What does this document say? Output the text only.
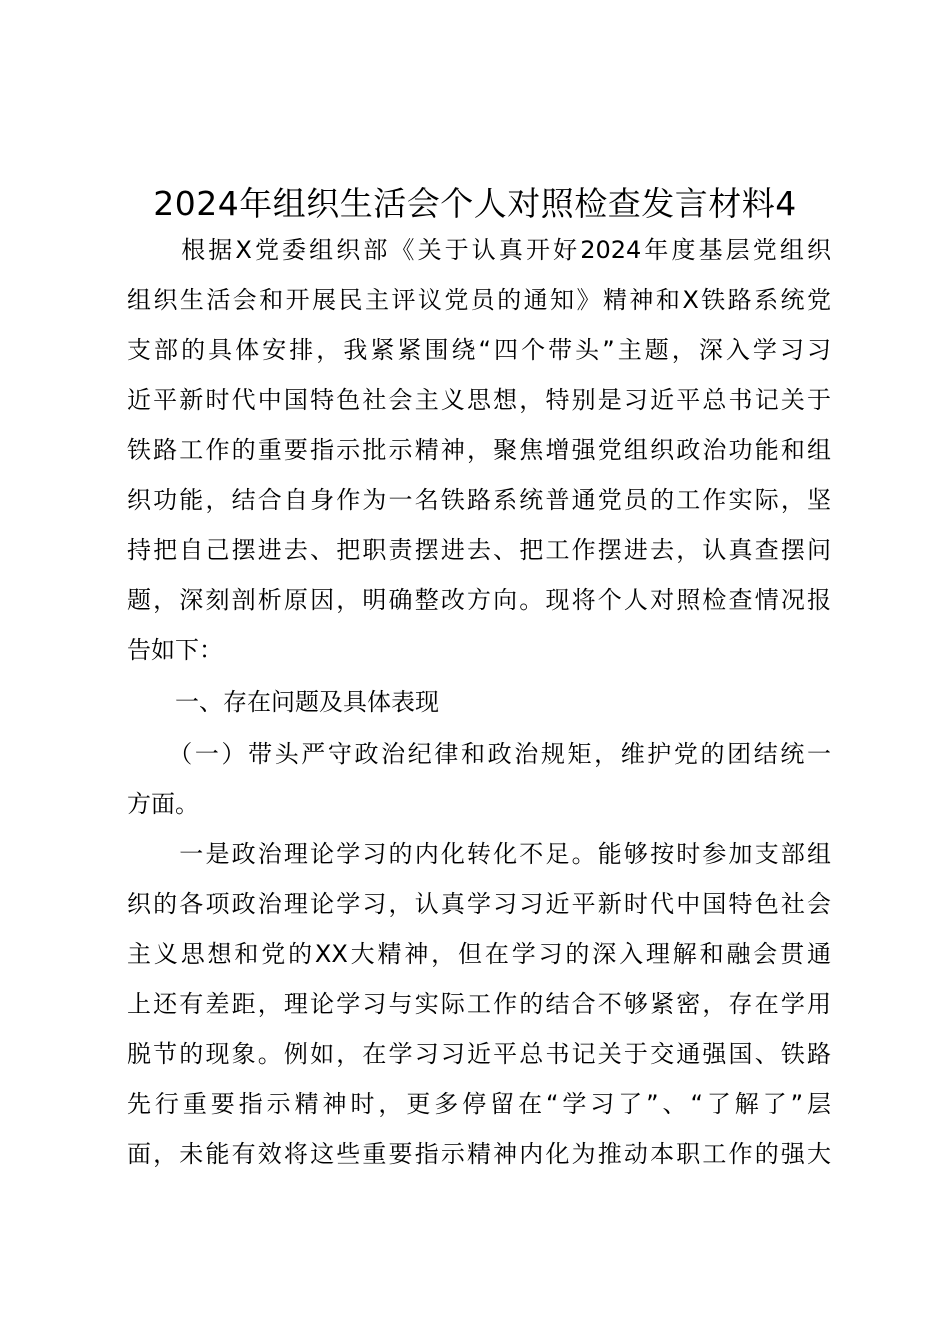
2024年组织生活会个人对照检查发言材料4
　　根据X党委组织部《关于认真开好2024年度基层党组织
组织生活会和开展民主评议党员的通知》精神和X铁路系统党
支部的具体安排，我紧紧围绕“四个带头”主题，深入学习习
近平新时代中国特色社会主义思想，特别是习近平总书记关于
铁路工作的重要指示批示精神，聚焦增强党组织政治功能和组
织功能，结合自身作为一名铁路系统普通党员的工作实际，坚
持把自己摆进去、把职责摆进去、把工作摆进去，认真查摆问
题，深刻剖析原因，明确整改方向。现将个人对照检查情况报
告如下：
　　一、存在问题及具体表现
　　（一）带头严守政治纪律和政治规矩，维护党的团结统一
方面。
　　一是政治理论学习的内化转化不足。能够按时参加支部组
织的各项政治理论学习，认真学习习近平新时代中国特色社会
主义思想和党的XX大精神，但在学习的深入理解和融会贯通
上还有差距，理论学习与实际工作的结合不够紧密，存在学用
脱节的现象。例如，在学习习近平总书记关于交通强国、铁路
先行重要指示精神时，更多停留在“学习了”、“了解了”层
面，未能有效将这些重要指示精神内化为推动本职工作的强大
